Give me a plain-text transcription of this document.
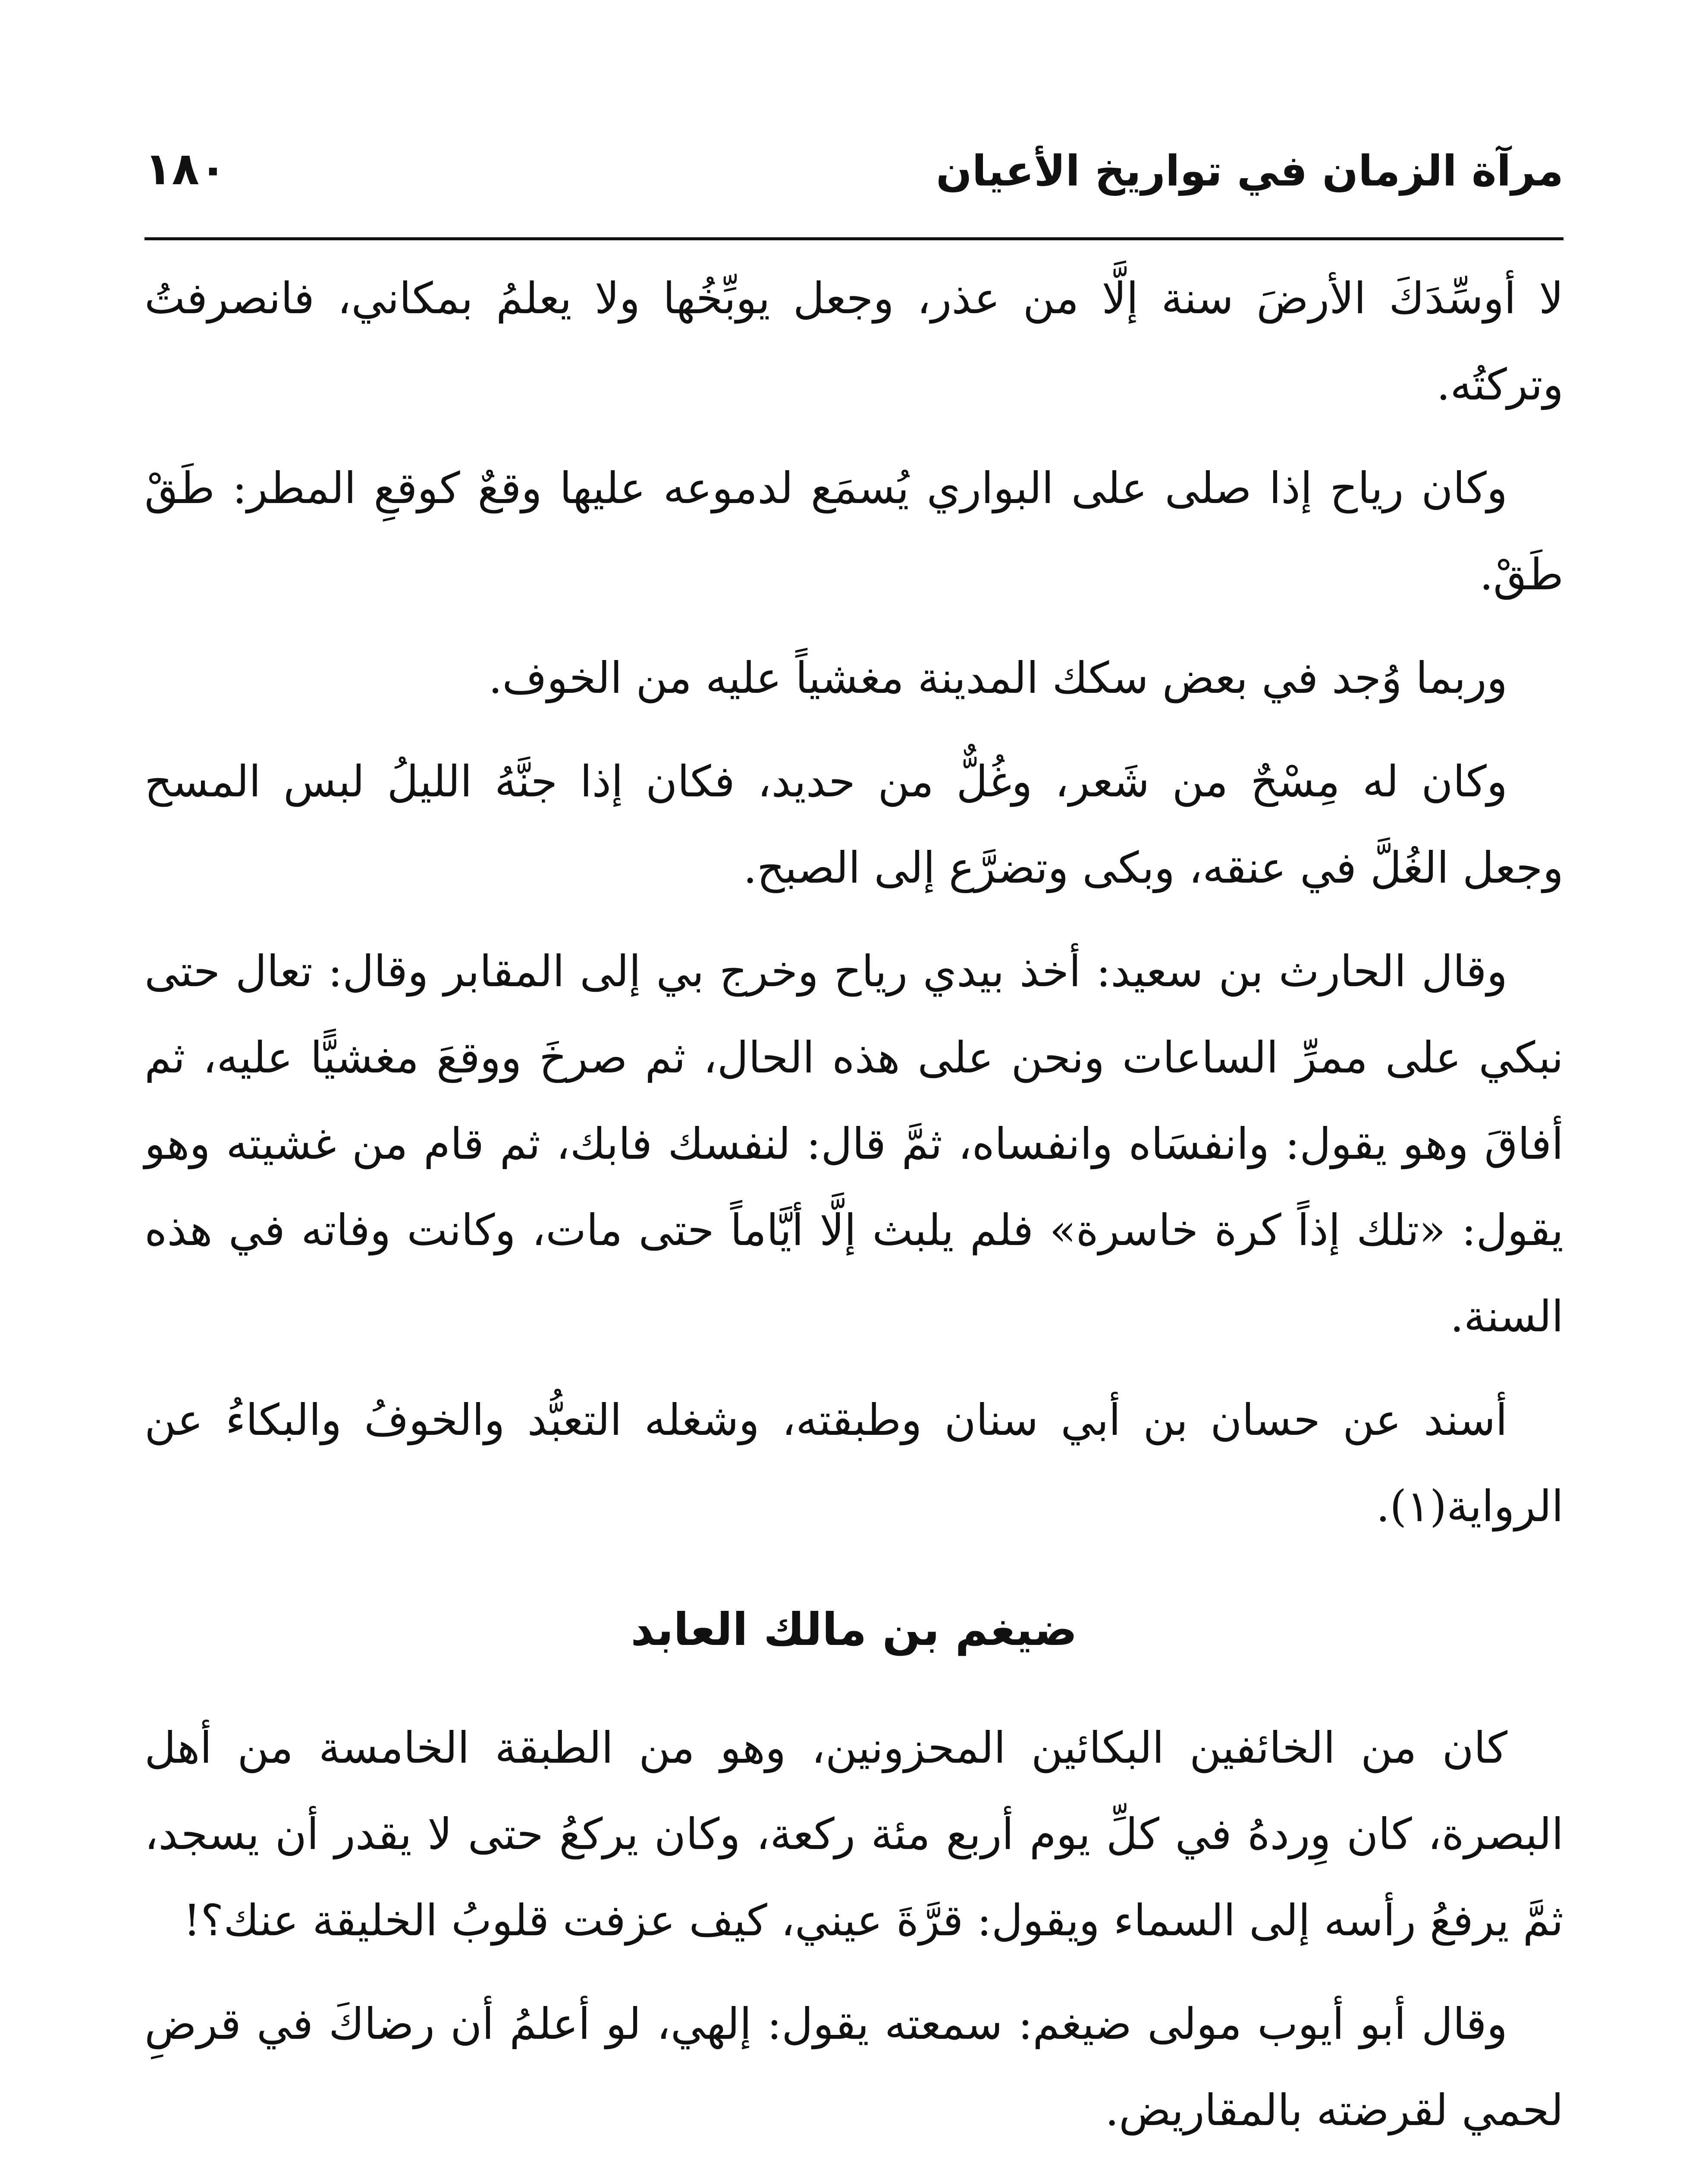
مرآة الزمان في تواريخ الأعيان
١٨٠

لا أوسِّدَكَ الأرضَ سنة إلَّا من عذر، وجعل يوبِّخُها ولا يعلمُ بمكاني، فانصرفتُ وتركتُه.

وكان رياح إذا صلى على البواري يُسمَع لدموعه عليها وقعٌ كوقعِ المطر: طَقْ طَقْ.

وربما وُجد في بعض سكك المدينة مغشياً عليه من الخوف.

وكان له مِسْحٌ من شَعر، وغُلٌّ من حديد، فكان إذا جنَّهُ الليلُ لبس المسح وجعل الغُلَّ في عنقه، وبكى وتضرَّع إلى الصبح.

وقال الحارث بن سعيد: أخذ بيدي رياح وخرج بي إلى المقابر وقال: تعال حتى نبكي على ممرِّ الساعات ونحن على هذه الحال، ثم صرخَ ووقعَ مغشيًّا عليه، ثم أفاقَ وهو يقول: وانفسَاه وانفساه، ثمَّ قال: لنفسك فابك، ثم قام من غشيته وهو يقول: «تلك إذاً كرة خاسرة» فلم يلبث إلَّا أيَّاماً حتى مات، وكانت وفاته في هذه السنة.

أسند عن حسان بن أبي سنان وطبقته، وشغله التعبُّد والخوفُ والبكاءُ عن الرواية(١).

ضيغم بن مالك العابد

كان من الخائفين البكائين المحزونين، وهو من الطبقة الخامسة من أهل البصرة، كان وِردهُ في كلِّ يوم أربع مئة ركعة، وكان يركعُ حتى لا يقدر أن يسجد، ثمَّ يرفعُ رأسه إلى السماء ويقول: قرَّةَ عيني، كيف عزفت قلوبُ الخليقة عنك؟!

وقال أبو أيوب مولى ضيغم: سمعته يقول: إلهي، لو أعلمُ أن رضاكَ في قرضِ لحمي لقرضته بالمقاريض.
